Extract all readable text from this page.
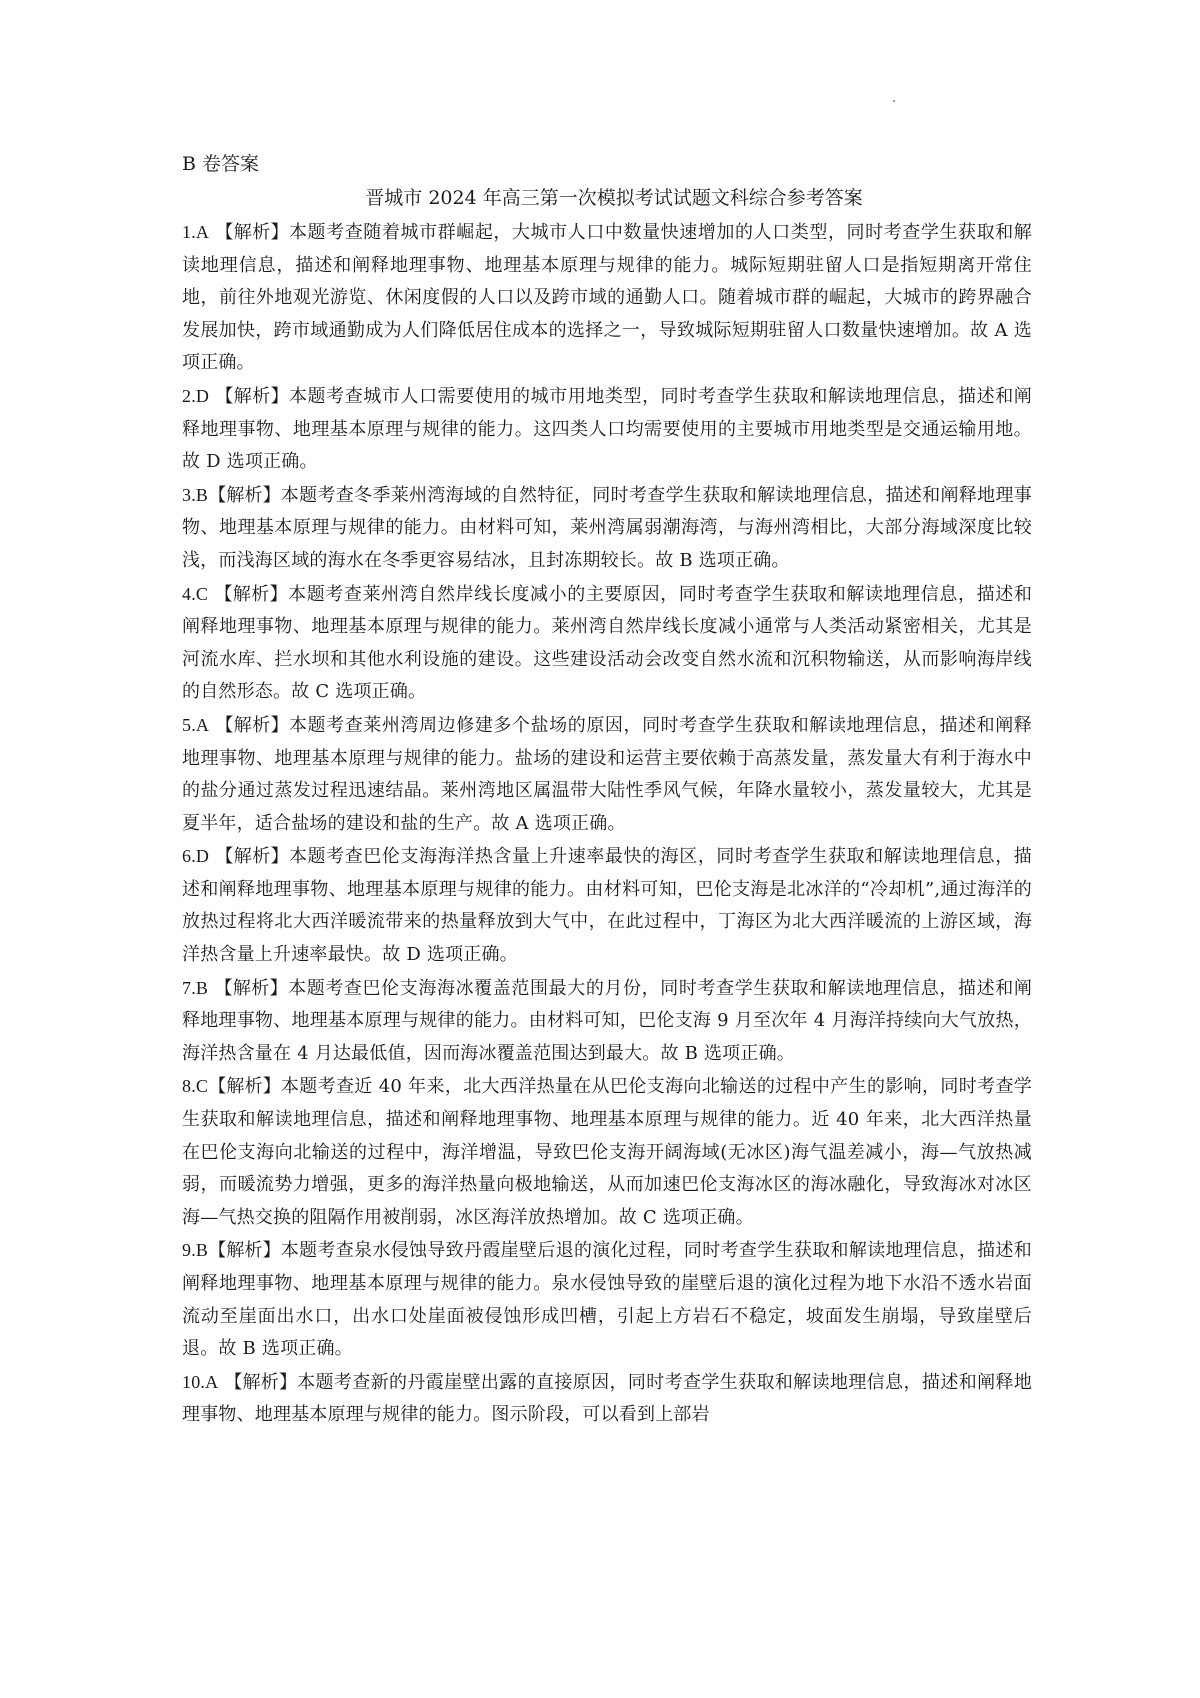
B 卷答案
晋城市 2024 年高三第一次模拟考试试题文科综合参考答案

1.A 【解析】本题考查随着城市群崛起，大城市人口中数量快速增加的人口类型，同时考查学生获取和解读地理信息，描述和阐释地理事物、地理基本原理与规律的能力。城际短期驻留人口是指短期离开常住地，前往外地观光游览、休闲度假的人口以及跨市域的通勤人口。随着城市群的崛起，大城市的跨界融合发展加快，跨市域通勤成为人们降低居住成本的选择之一，导致城际短期驻留人口数量快速增加。故 A 选项正确。

2.D 【解析】本题考查城市人口需要使用的城市用地类型，同时考查学生获取和解读地理信息，描述和阐释地理事物、地理基本原理与规律的能力。这四类人口均需要使用的主要城市用地类型是交通运输用地。故 D 选项正确。

3.B【解析】本题考查冬季莱州湾海域的自然特征，同时考查学生获取和解读地理信息，描述和阐释地理事物、地理基本原理与规律的能力。由材料可知，莱州湾属弱潮海湾，与海州湾相比，大部分海域深度比较浅，而浅海区域的海水在冬季更容易结冰，且封冻期较长。故 B 选项正确。

4.C 【解析】本题考查莱州湾自然岸线长度减小的主要原因，同时考查学生获取和解读地理信息，描述和阐释地理事物、地理基本原理与规律的能力。莱州湾自然岸线长度减小通常与人类活动紧密相关，尤其是河流水库、拦水坝和其他水利设施的建设。这些建设活动会改变自然水流和沉积物输送，从而影响海岸线的自然形态。故 C 选项正确。

5.A 【解析】本题考查莱州湾周边修建多个盐场的原因，同时考查学生获取和解读地理信息，描述和阐释地理事物、地理基本原理与规律的能力。盐场的建设和运营主要依赖于高蒸发量，蒸发量大有利于海水中的盐分通过蒸发过程迅速结晶。莱州湾地区属温带大陆性季风气候，年降水量较小，蒸发量较大，尤其是夏半年，适合盐场的建设和盐的生产。故 A 选项正确。

6.D 【解析】本题考查巴伦支海海洋热含量上升速率最快的海区，同时考查学生获取和解读地理信息，描述和阐释地理事物、地理基本原理与规律的能力。由材料可知，巴伦支海是北冰洋的“冷却机”,通过海洋的放热过程将北大西洋暖流带来的热量释放到大气中，在此过程中，丁海区为北大西洋暖流的上游区域，海洋热含量上升速率最快。故 D 选项正确。

7.B 【解析】本题考查巴伦支海海冰覆盖范围最大的月份，同时考查学生获取和解读地理信息，描述和阐释地理事物、地理基本原理与规律的能力。由材料可知，巴伦支海 9 月至次年 4 月海洋持续向大气放热，海洋热含量在 4 月达最低值，因而海冰覆盖范围达到最大。故 B 选项正确。

8.C【解析】本题考查近 40 年来，北大西洋热量在从巴伦支海向北输送的过程中产生的影响，同时考查学生获取和解读地理信息，描述和阐释地理事物、地理基本原理与规律的能力。近 40 年来，北大西洋热量在巴伦支海向北输送的过程中，海洋增温，导致巴伦支海开阔海域(无冰区)海气温差减小，海—气放热减弱，而暖流势力增强，更多的海洋热量向极地输送，从而加速巴伦支海冰区的海冰融化，导致海冰对冰区海—气热交换的阻隔作用被削弱，冰区海洋放热增加。故 C 选项正确。

9.B【解析】本题考查泉水侵蚀导致丹霞崖壁后退的演化过程，同时考查学生获取和解读地理信息，描述和阐释地理事物、地理基本原理与规律的能力。泉水侵蚀导致的崖壁后退的演化过程为地下水沿不透水岩面流动至崖面出水口，出水口处崖面被侵蚀形成凹槽，引起上方岩石不稳定，坡面发生崩塌，导致崖壁后退。故 B 选项正确。

10.A 【解析】本题考查新的丹霞崖壁出露的直接原因，同时考查学生获取和解读地理信息，描述和阐释地理事物、地理基本原理与规律的能力。图示阶段，可以看到上部岩
